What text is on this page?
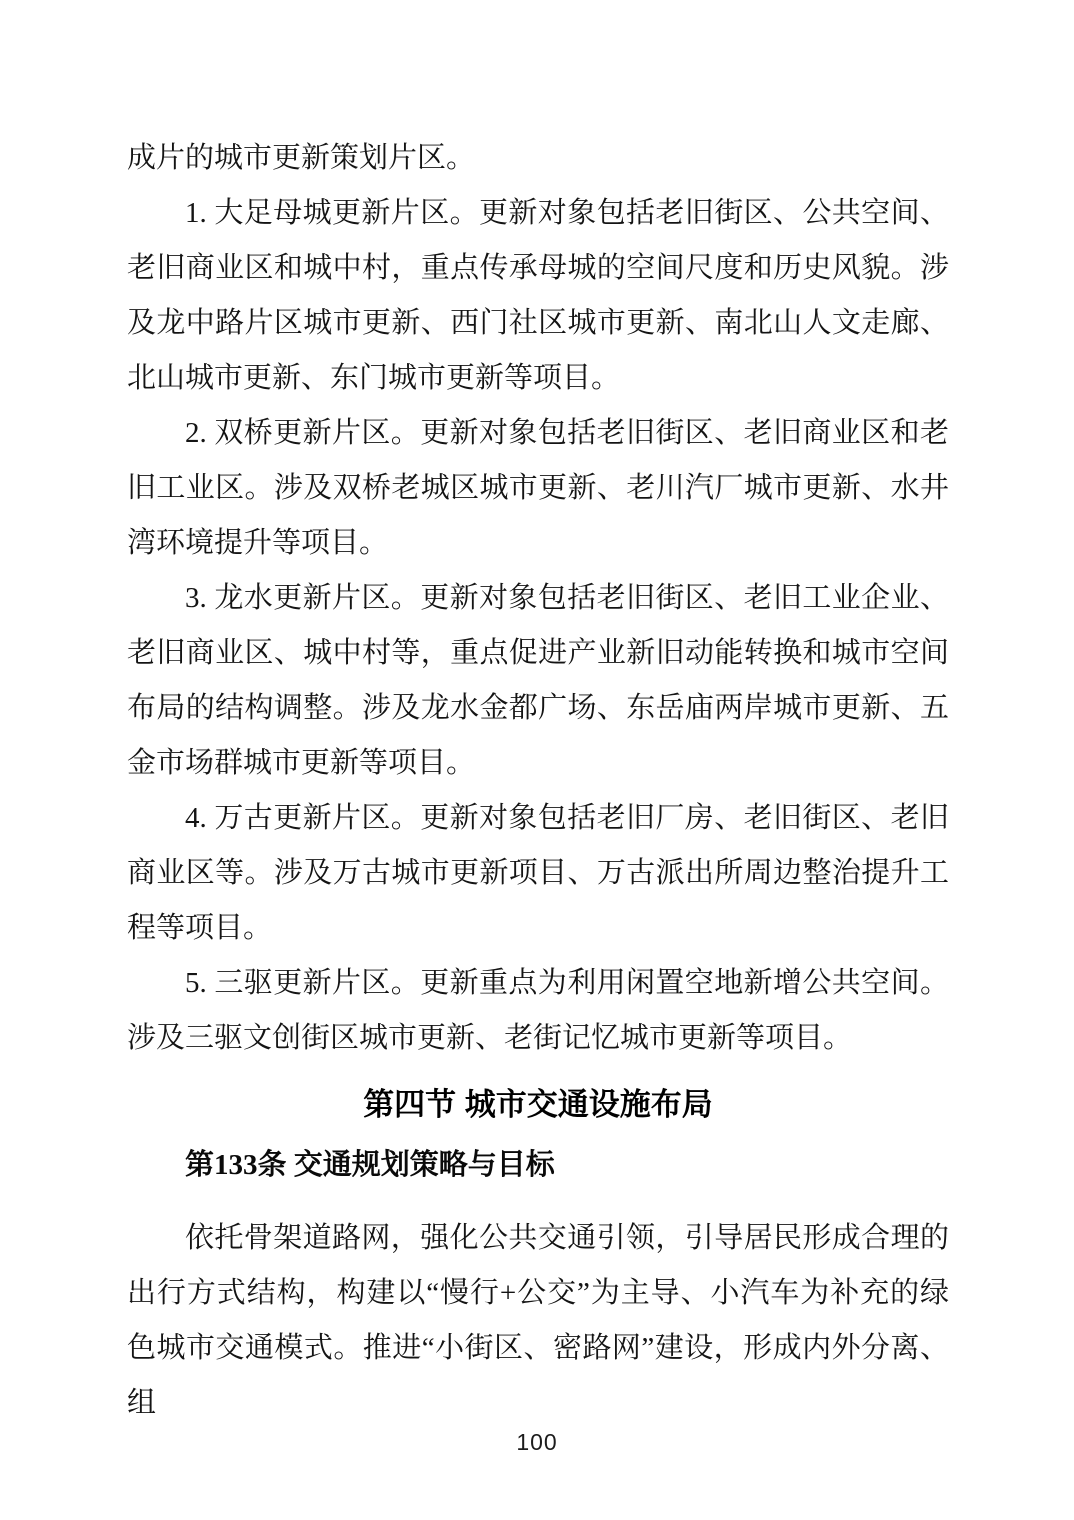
成片的城市更新策划片区。

1. 大足母城更新片区。更新对象包括老旧街区、公共空间、老旧商业区和城中村，重点传承母城的空间尺度和历史风貌。涉及龙中路片区城市更新、西门社区城市更新、南北山人文走廊、北山城市更新、东门城市更新等项目。

2. 双桥更新片区。更新对象包括老旧街区、老旧商业区和老旧工业区。涉及双桥老城区城市更新、老川汽厂城市更新、水井湾环境提升等项目。

3. 龙水更新片区。更新对象包括老旧街区、老旧工业企业、老旧商业区、城中村等，重点促进产业新旧动能转换和城市空间布局的结构调整。涉及龙水金都广场、东岳庙两岸城市更新、五金市场群城市更新等项目。

4. 万古更新片区。更新对象包括老旧厂房、老旧街区、老旧商业区等。涉及万古城市更新项目、万古派出所周边整治提升工程等项目。

5. 三驱更新片区。更新重点为利用闲置空地新增公共空间。涉及三驱文创街区城市更新、老街记忆城市更新等项目。

第四节 城市交通设施布局
第133条 交通规划策略与目标

依托骨架道路网，强化公共交通引领，引导居民形成合理的出行方式结构，构建以“慢行+公交”为主导、小汽车为补充的绿色城市交通模式。推进“小街区、密路网”建设，形成内外分离、组

100
